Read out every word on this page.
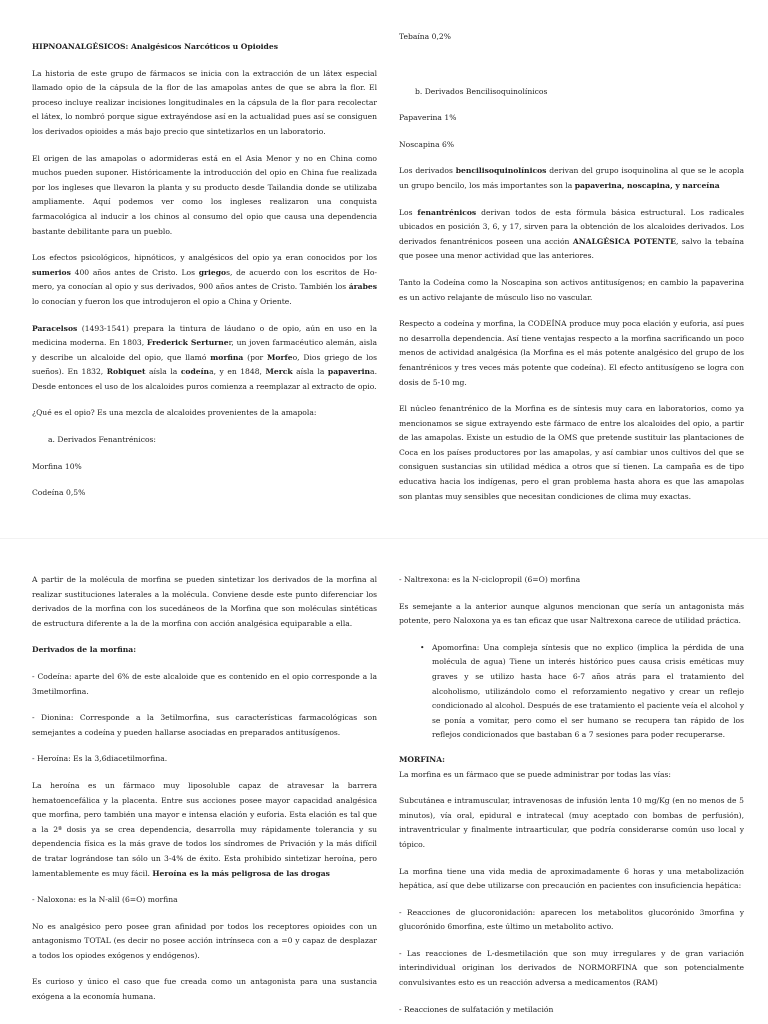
HIPNOANALGÉSICOS: Analgésicos Narcóticos u Opioides

La historia de este grupo de fármacos se inicia con la extracción de un látex especial llamado opio de la cápsula de la flor de las amapolas antes de que se abra la flor. El proceso incluye realizar incisiones longitudinales en la cápsula de la flor para recolectar el látex, lo nombró porque sigue extrayéndose así en la actualidad pues así se consiguen los derivados opioides a más bajo precio que sintetizarlos en un laboratorio.

El origen de las amapolas o adormideras está en el Asia Menor y no en China como muchos pueden suponer. Históricamente la introducción del opio en China fue realizada por los ingleses que llevaron la planta y su producto desde Tailandia donde se utilizaba ampliamente. Aquí podemos ver como los ingleses realizaron una conquista farmacológica al inducir a los chinos al consumo del opio que causa una dependencia bastante debilitante para un pueblo.

Los efectos psicológicos, hipnóticos, y analgésicos del opio ya eran conocidos por los sumerios 400 años antes de Cristo. Los griegos, de acuerdo con los escritos de Ho-mero, ya conocían al opio y sus derivados, 900 años antes de Cristo. También los árabes lo conocían y fueron los que introdujeron el opio a China y Oriente.

Paracelsos (1493-1541) prepara la tintura de láudano o de opio, aún en uso en la medicina moderna. En 1803, Frederick Serturner, un joven farmacéutico alemán, aisla y describe un alcaloide del opio, que llamó morfina (por Morfeo, Dios griego de los sueños). En 1832, Robiquet aísla la codeína, y en 1848, Merck aísla la papaverina. Desde entonces el uso de los alcaloides puros comienza a reemplazar al extracto de opio.

¿Qué es el opio? Es una mezcla de alcaloides provenientes de la amapola:

a. Derivados Fenantrénicos:

Morfina 10%

Codeína 0,5%

Tebaína 0,2%

b. Derivados Bencilisoquinolínicos

Papaverina 1%

Noscapina 6%

Los derivados bencilisoquinolínicos derivan del grupo isoquinolina al que se le acopla un grupo bencilo, los más importantes son la papaverina, noscapina, y narceína

Los fenantrénicos derivan todos de esta fórmula básica estructural. Los radicales ubicados en posición 3, 6, y 17, sirven para la obtención de los alcaloides derivados. Los derivados fenantrénicos poseen una acción ANALGÉSICA POTENTE, salvo la tebaína que posee una menor actividad que las anteriores.

Tanto la Codeína como la Noscapina son activos antitusígenos; en cambio la papaverina es un activo relajante de músculo liso no vascular.

Respecto a codeína y morfina, la CODEÍNA produce muy poca elación y euforia, así pues no desarrolla dependencia. Así tiene ventajas respecto a la morfina sacrificando un poco menos de actividad analgésica (la Morfina es el más potente analgésico del grupo de los fenantrénicos y tres veces más potente que codeína). El efecto antitusígeno se logra con dosis de 5-10 mg.

El núcleo fenantrénico de la Morfina es de síntesis muy cara en laboratorios, como ya mencionamos se sigue extrayendo este fármaco de entre los alcaloides del opio, a partir de las amapolas. Existe un estudio de la OMS que pretende sustituir las plantaciones de Coca en los países productores por las amapolas, y así cambiar unos cultivos del que se consiguen sustancias sin utilidad médica a otros que sí tienen. La campaña es de tipo educativa hacia los indígenas, pero el gran problema hasta ahora es que las amapolas son plantas muy sensibles que necesitan condiciones de clima muy exactas.

A partir de la molécula de morfina se pueden sintetizar los derivados de la morfina al realizar sustituciones laterales a la molécula. Conviene desde este punto diferenciar los derivados de la morfina con los sucedáneos de la Morfina que son moléculas sintéticas de estructura diferente a la de la morfina con acción analgésica equiparable a ella.

Derivados de la morfina:

- Codeína: aparte del 6% de este alcaloide que es contenido en el opio corresponde a la 3metilmorfina.

- Dionina: Corresponde a la 3etilmorfina, sus características farmacológicas son semejantes a codeína y pueden hallarse asociadas en preparados antitusígenos.

- Heroína: Es la 3,6diacetilmorfina.

La heroína es un fármaco muy liposoluble capaz de atravesar la barrera hematoencefálica y la placenta. Entre sus acciones posee mayor capacidad analgésica que morfina, pero también una mayor e intensa elación y euforia. Esta elación es tal que a la 2ª dosis ya se crea dependencia, desarrolla muy rápidamente tolerancia y su dependencia física es la más grave de todos los síndromes de Privación y la más difícil de tratar lográndose tan sólo un 3-4% de éxito. Esta prohibido sintetizar heroína, pero lamentablemente es muy fácil. Heroína es la más peligrosa de las drogas

- Naloxona: es la N-alil (6=O) morfina

No es analgésico pero posee gran afinidad por todos los receptores opioides con un antagonismo TOTAL (es decir no posee acción intrínseca con a =0 y capaz de desplazar a todos los opiodes exógenos y endógenos).

Es curioso y único el caso que fue creada como un antagonista para una sustancia exógena a la economía humana.

- Naltrexona: es la N-ciclopropil (6=O) morfina

Es semejante a la anterior aunque algunos mencionan que sería un antagonista más potente, pero Naloxona ya es tan eficaz que usar Naltrexona carece de utilidad práctica.

• Apomorfina: Una compleja síntesis que no explico (implica la pérdida de una molécula de agua) Tiene un interés histórico pues causa crisis eméticas muy graves y se utilizo hasta hace 6-7 años atrás para el tratamiento del alcoholismo, utilizándolo como el reforzamiento negativo y crear un reflejo condicionado al alcohol. Después de ese tratamiento el paciente veía el alcohol y se ponía a vomitar, pero como el ser humano se recupera tan rápido de los reflejos condicionados que bastaban 6 a 7 sesiones para poder recuperarse.

MORFINA:

La morfina es un fármaco que se puede administrar por todas las vías:

Subcutánea e intramuscular, intravenosas de infusión lenta 10 mg/Kg (en no menos de 5 minutos), vía oral, epidural e intratecal (muy aceptado con bombas de perfusión), intraventricular y finalmente intraarticular, que podría considerarse común uso local y tópico.

La morfina tiene una vida media de aproximadamente 6 horas y una metabolización hepática, así que debe utilizarse con precaución en pacientes con insuficiencia hepática:

- Reacciones de glucoronidación: aparecen los metabolitos glucorónido 3morfina y glucorónido 6morfina, este último un metabolito activo.

- Las reacciones de L-desmetilación que son muy irregulares y de gran variación interindividual originan los derivados de NORMORFINA que son potencialmente convulsivantes esto es un reacción adversa a medicamentos (RAM)

- Reacciones de sulfatación y metilación
